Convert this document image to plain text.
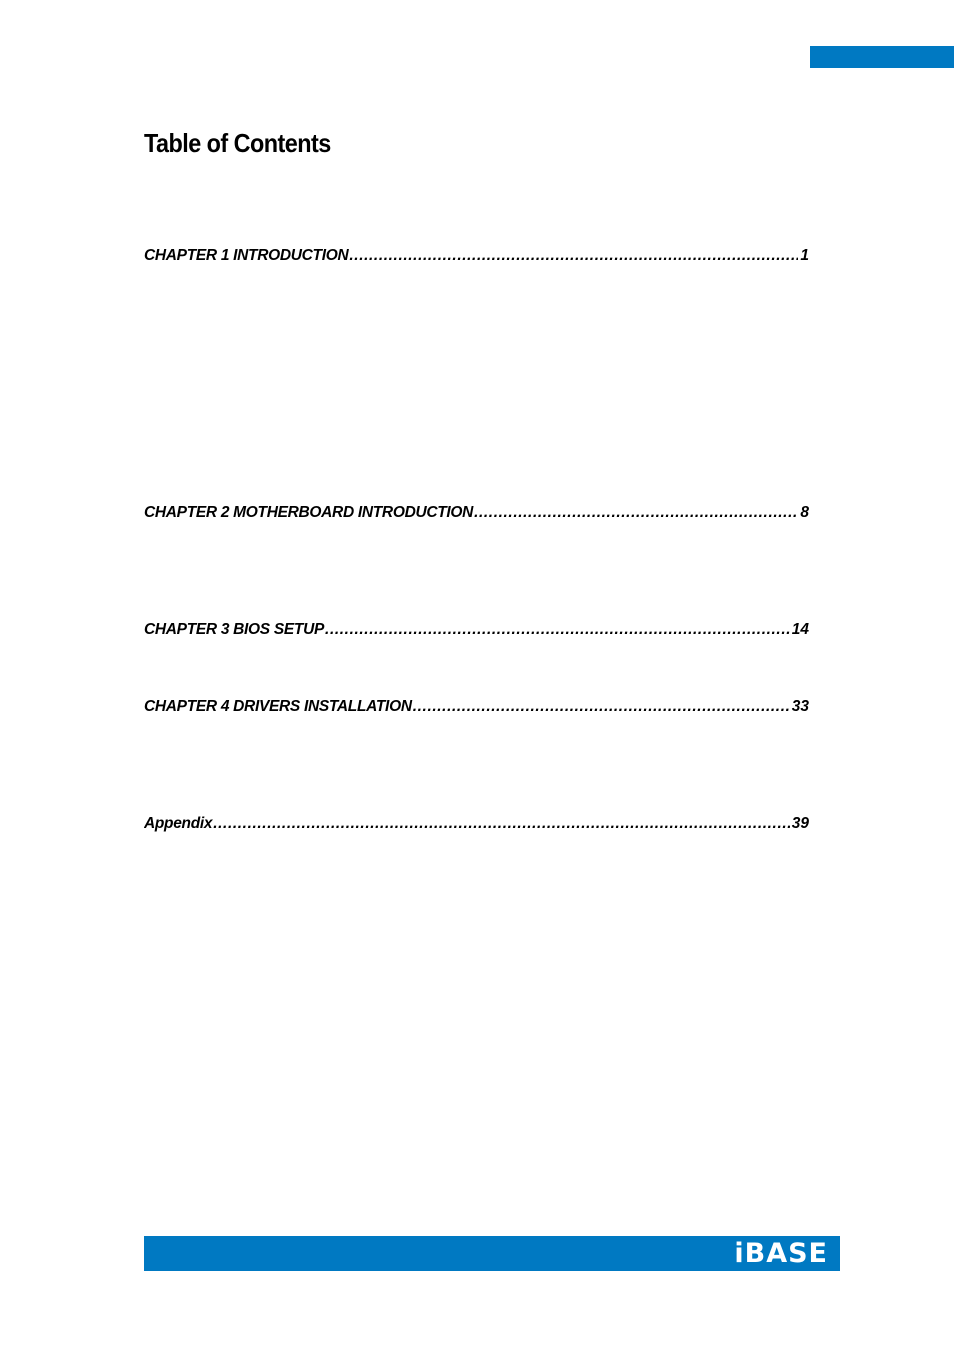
Table of Contents
CHAPTER 1 INTRODUCTION .....	1
CHAPTER 2 MOTHERBOARD INTRODUCTION .....	8
CHAPTER 3 BIOS SETUP .....	14
CHAPTER 4 DRIVERS INSTALLATION .....	33
Appendix .....	39
iBASE
